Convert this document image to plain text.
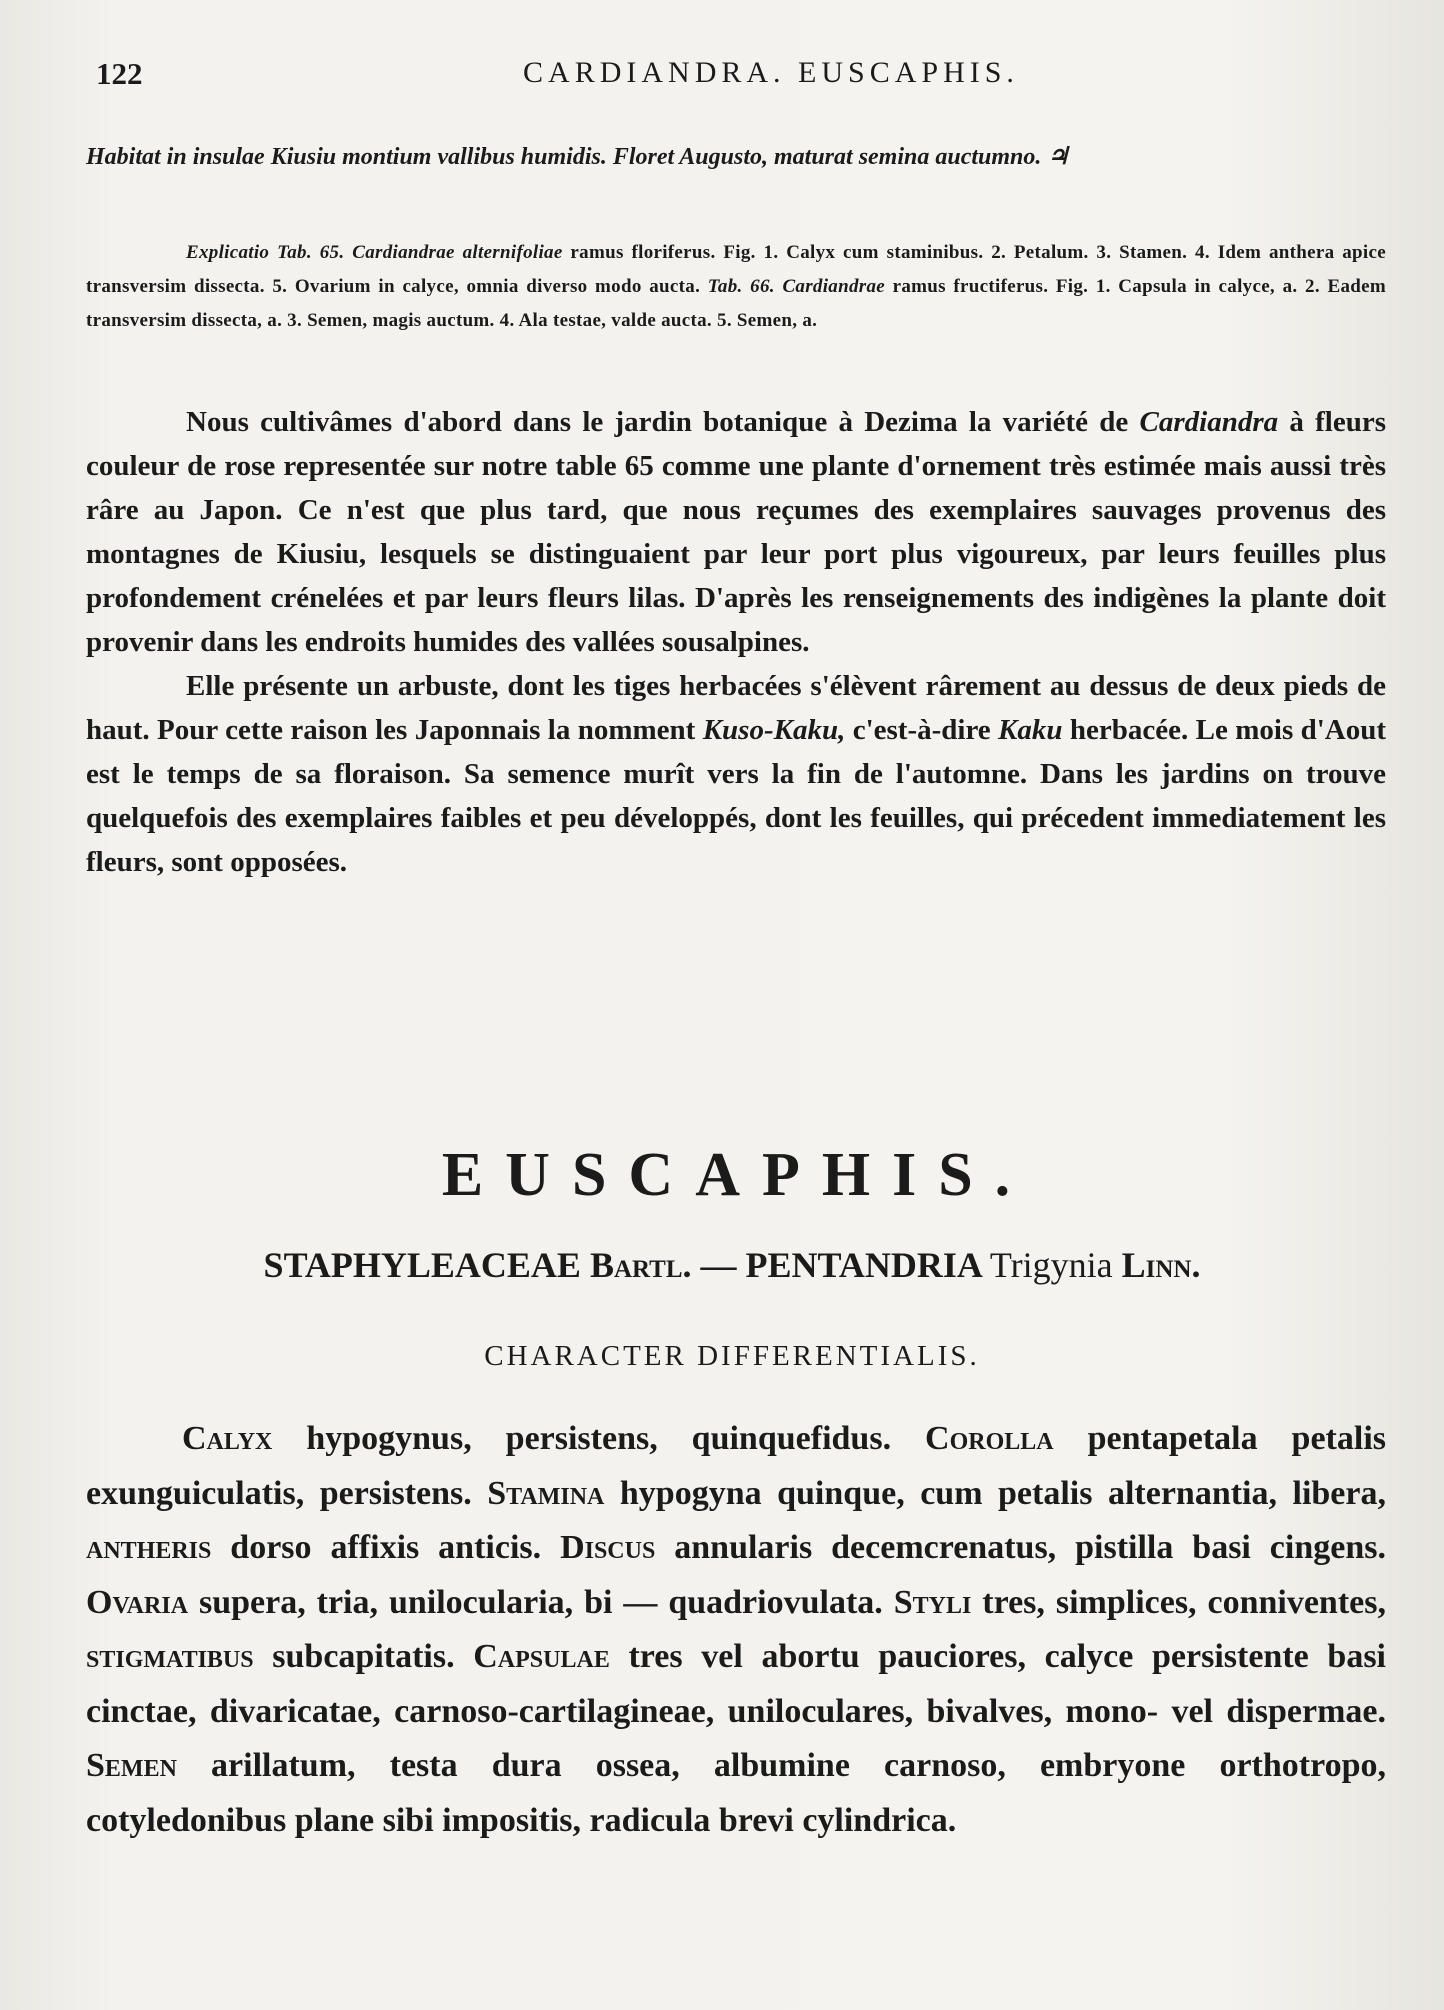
122	CARDIANDRA. EUSCAPHIS.
Habitat in insulae Kiusiu montium vallibus humidis. Floret Augusto, maturat semina auctumno. ♃
Explicatio Tab. 65. Cardiandrae alternifoliae ramus floriferus. Fig. 1. Calyx cum staminibus. 2. Petalum. 3. Stamen. 4. Idem anthera apice transversim dissecta. 5. Ovarium in calyce, omnia diverso modo aucta. Tab. 66. Cardiandrae ramus fructiferus. Fig. 1. Capsula in calyce, a. 2. Eadem transversim dissecta, a. 3. Semen, magis auctum. 4. Ala testae, valde aucta. 5. Semen, a.

Nous cultivâmes d'abord dans le jardin botanique à Dezima la variété de Cardiandra à fleurs couleur de rose representée sur notre table 65 comme une plante d'ornement très estimée mais aussi très râre au Japon. Ce n'est que plus tard, que nous reçumes des exemplaires sauvages provenus des montagnes de Kiusiu, lesquels se distinguaient par leur port plus vigoureux, par leurs feuilles plus profondement crénelées et par leurs fleurs lilas. D'après les renseignements des indigènes la plante doit provenir dans les endroits humides des vallées sousalpines.

Elle présente un arbuste, dont les tiges herbacées s'élèvent rârement au dessus de deux pieds de haut. Pour cette raison les Japonnais la nomment Kuso-Kaku, c'est-à-dire Kaku herbacée. Le mois d'Aout est le temps de sa floraison. Sa semence murît vers la fin de l'automne. Dans les jardins on trouve quelquefois des exemplaires faibles et peu développés, dont les feuilles, qui précedent immediatement les fleurs, sont opposées.

EUSCAPHIS.
STAPHYLEACEAE Bartl. — PENTANDRIA Trigynia Linn.
CHARACTER DIFFERENTIALIS.

Calyx hypogynus, persistens, quinquefidus. Corolla pentapetala petalis exunguiculatis, persistens. Stamina hypogyna quinque, cum petalis alternantia, libera, antheris dorso affixis anticis. Discus annularis decemcrenatus, pistilla basi cingens. Ovaria supera, tria, unilocularia, bi — quadriovulata. Styli tres, simplices, conniventes, stigmatibus subcapitatis. Capsulae tres vel abortu pauciores, calyce persistente basi cinctae, divaricatae, carnoso-cartilagineae, uniloculares, bivalves, mono- vel dispermae. Semen arillatum, testa dura ossea, albumine carnoso, embryone orthotropo, cotyledonibus plane sibi impositis, radicula brevi cylindrica.
